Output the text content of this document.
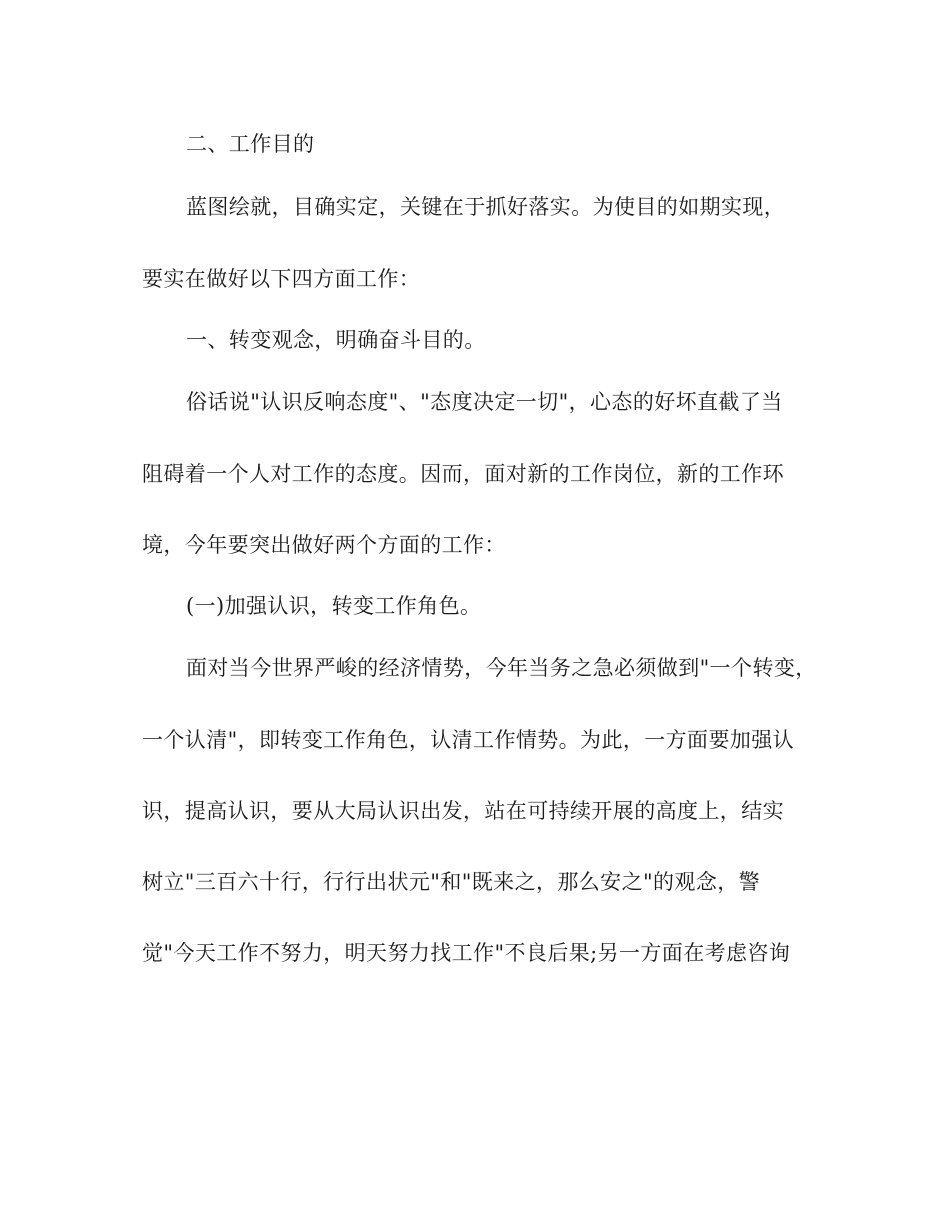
二、工作目的

蓝图绘就，目确实定，关键在于抓好落实。为使目的如期实现，

要实在做好以下四方面工作：

一、转变观念，明确奋斗目的。

俗话说"认识反响态度"、"态度决定一切"，心态的好坏直截了当

阻碍着一个人对工作的态度。因而，面对新的工作岗位，新的工作环

境，今年要突出做好两个方面的工作：

(一)加强认识，转变工作角色。

面对当今世界严峻的经济情势，今年当务之急必须做到"一个转变，

一个认清"，即转变工作角色，认清工作情势。为此，一方面要加强认

识，提高认识，要从大局认识出发，站在可持续开展的高度上，结实

树立"三百六十行，行行出状元"和"既来之，那么安之"的观念，警

觉"今天工作不努力，明天努力找工作"不良后果;另一方面在考虑咨询
